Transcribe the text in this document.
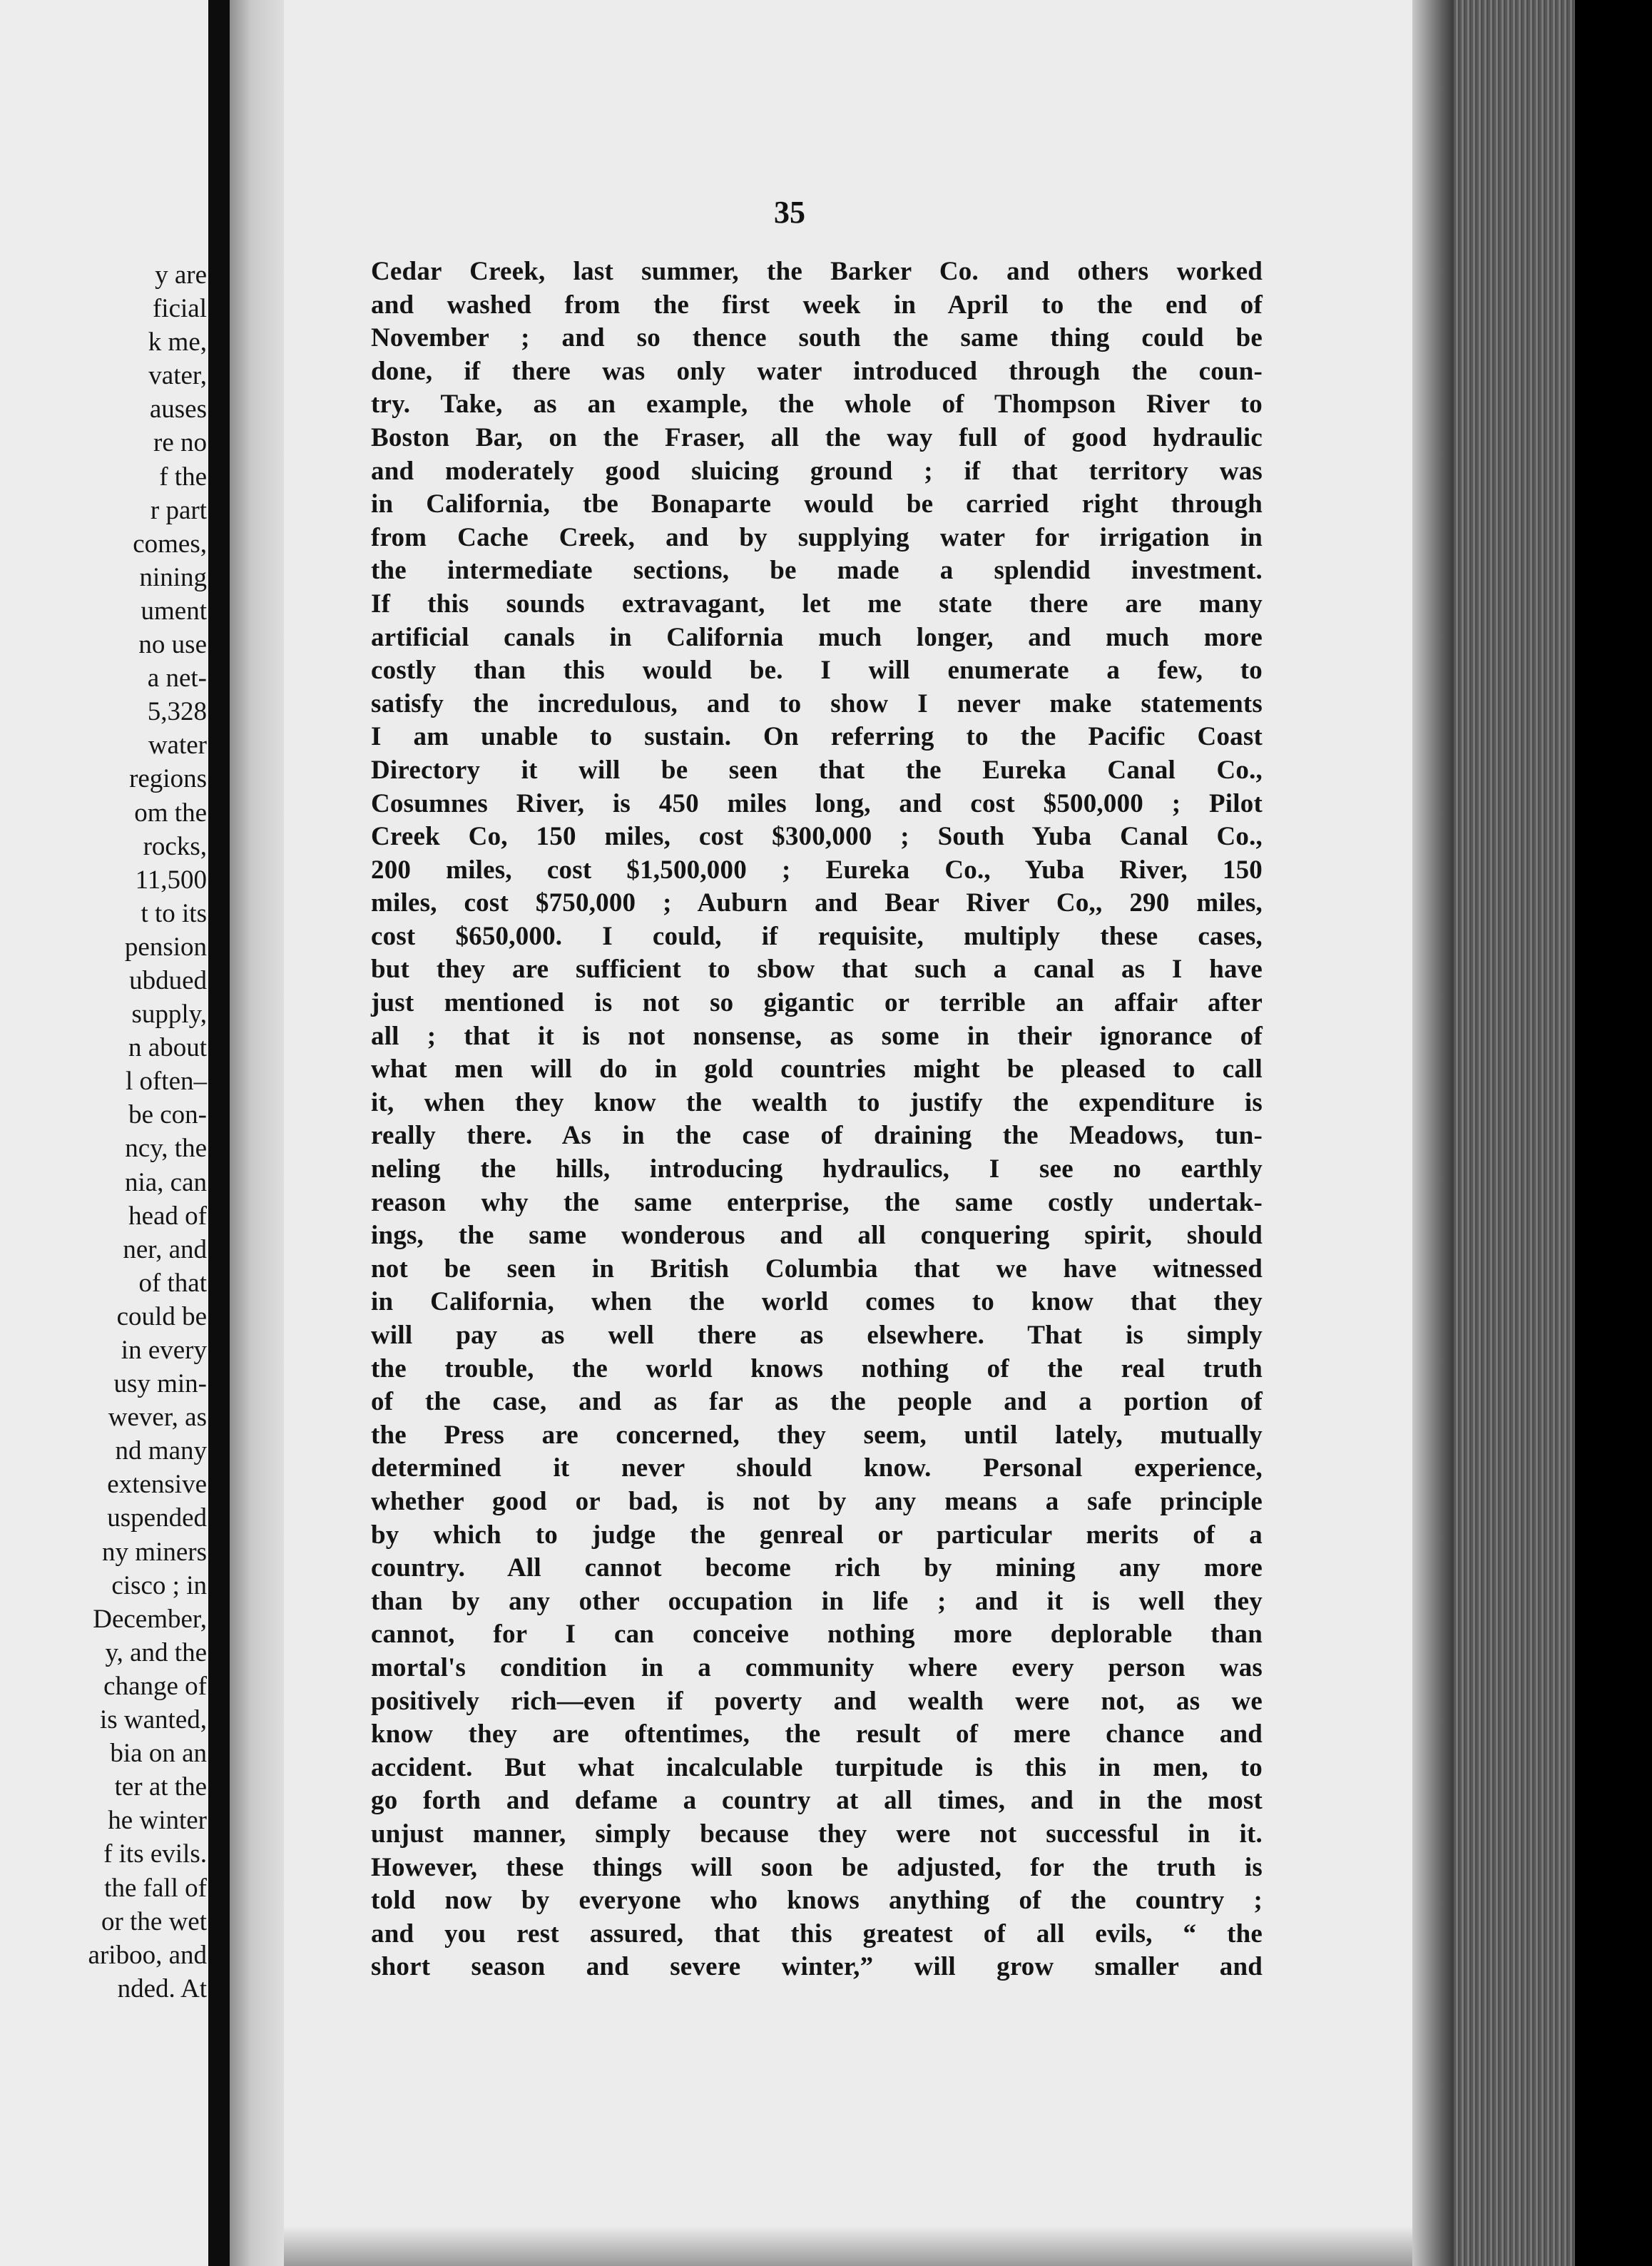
y are
ficial
k me,
vater,
auses
re no
f the
r part
comes,
nining
ument
no use
a net-
5,328
water
regions
om the
rocks,
11,500
t to its
pension
ubdued
supply,
n about
l often–
be con-
ncy, the
nia, can
head of
ner, and
of that
could be
in every
usy min-
wever, as
nd many
extensive
uspended
ny miners
cisco ; in
December,
y, and the
change of
is wanted,
bia on an
ter at the
he winter
f its evils.
the fall of
or the wet
ariboo, and
nded. At
35
Cedar Creek, last summer, the Barker Co. and others worked
and washed from the first week in April to the end of
November ; and so thence south the same thing could be
done, if there was only water introduced through the coun-
try. Take, as an example, the whole of Thompson River to
Boston Bar, on the Fraser, all the way full of good hydraulic
and moderately good sluicing ground ; if that territory was
in California, tbe Bonaparte would be carried right through
from Cache Creek, and by supplying water for irrigation in
the intermediate sections, be made a splendid investment.
If this sounds extravagant, let me state there are many
artificial canals in California much longer, and much more
costly than this would be. I will enumerate a few, to
satisfy the incredulous, and to show I never make statements
I am unable to sustain. On referring to the Pacific Coast
Directory it will be seen that the Eureka Canal Co.,
Cosumnes River, is 450 miles long, and cost $500,000 ; Pilot
Creek Co, 150 miles, cost $300,000 ; South Yuba Canal Co.,
200 miles, cost $1,500,000 ; Eureka Co., Yuba River, 150
miles, cost $750,000 ; Auburn and Bear River Co,, 290 miles,
cost $650,000. I could, if requisite, multiply these cases,
but they are sufficient to sbow that such a canal as I have
just mentioned is not so gigantic or terrible an affair after
all ; that it is not nonsense, as some in their ignorance of
what men will do in gold countries might be pleased to call
it, when they know the wealth to justify the expenditure is
really there. As in the case of draining the Meadows, tun-
neling the hills, introducing hydraulics, I see no earthly
reason why the same enterprise, the same costly undertak-
ings, the same wonderous and all conquering spirit, should
not be seen in British Columbia that we have witnessed
in California, when the world comes to know that they
will pay as well there as elsewhere. That is simply
the trouble, the world knows nothing of the real truth
of the case, and as far as the people and a portion of
the Press are concerned, they seem, until lately, mutually
determined it never should know. Personal experience,
whether good or bad, is not by any means a safe principle
by which to judge the genreal or particular merits of a
country. All cannot become rich by mining any more
than by any other occupation in life ; and it is well they
cannot, for I can conceive nothing more deplorable than
mortal's condition in a community where every person was
positively rich—even if poverty and wealth were not, as we
know they are oftentimes, the result of mere chance and
accident. But what incalculable turpitude is this in men, to
go forth and defame a country at all times, and in the most
unjust manner, simply because they were not successful in it.
However, these things will soon be adjusted, for the truth is
told now by everyone who knows anything of the country ;
and you rest assured, that this greatest of all evils, “ the
short season and severe winter,” will grow smaller and
